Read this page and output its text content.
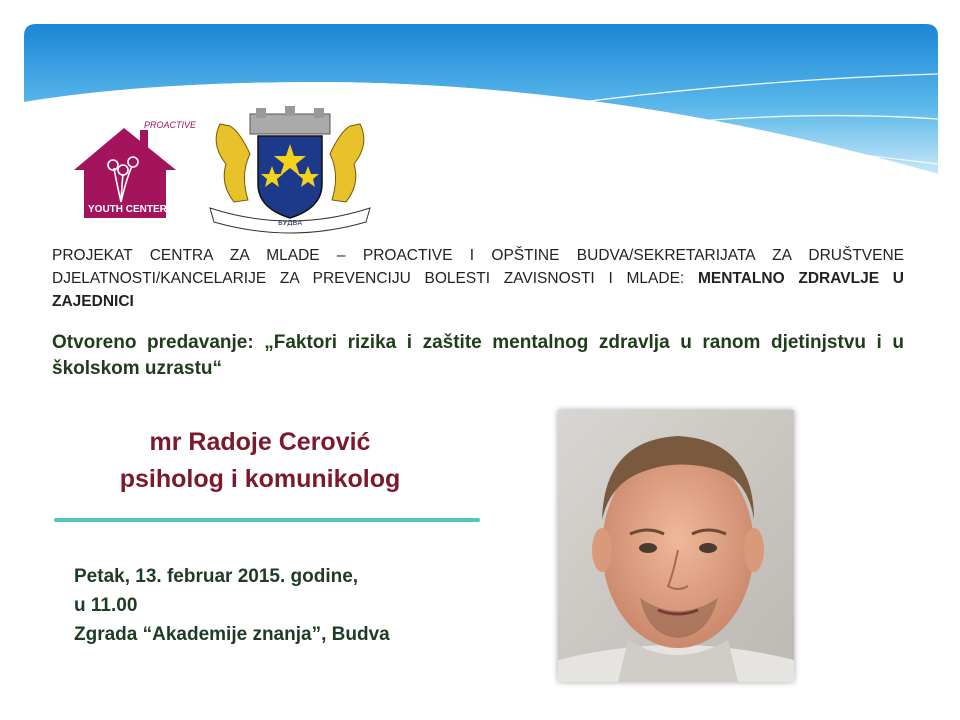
YOUTH CENTER
PROACTIVE
БУДВА
PROJEKAT CENTRA ZA MLADE – PROACTIVE I OPŠTINE BUDVA/SEKRETARIJATA ZA DRUŠTVENE DJELATNOSTI/KANCELARIJE ZA PREVENCIJU BOLESTI ZAVISNOSTI I MLADE: MENTALNO ZDRAVLJE U ZAJEDNICI
Otvoreno predavanje: „Faktori rizika i zaštite mentalnog zdravlja u ranom djetinjstvu i u školskom uzrastu“
mr Radoje Cerović
psiholog i komunikolog
Petak, 13. februar 2015. godine,
u 11.00
Zgrada “Akademije znanja”, Budva
